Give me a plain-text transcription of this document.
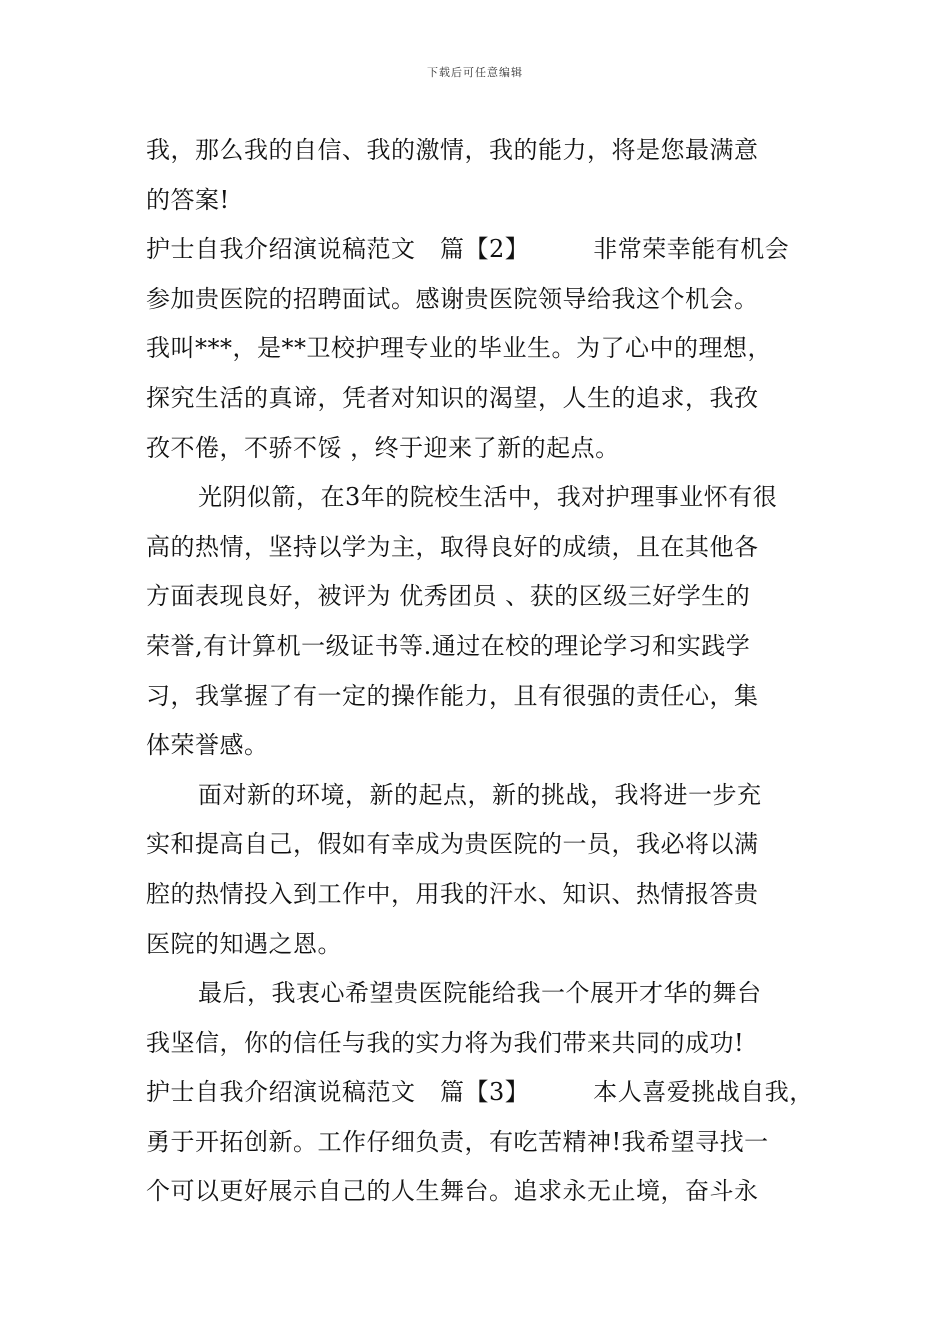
下载后可任意编辑
我，那么我的自信、我的激情，我的能力，将是您最满意
的答案!
护士自我介绍演说稿范文　篇【2】	非常荣幸能有机会
参加贵医院的招聘面试。感谢贵医院领导给我这个机会。
我叫***，是**卫校护理专业的毕业生。为了心中的理想，
探究生活的真谛，凭者对知识的渴望，人生的追求，我孜
孜不倦，不骄不馁 ，终于迎来了新的起点。
光阴似箭，在3年的院校生活中，我对护理事业怀有很
高的热情，坚持以学为主，取得良好的成绩，且在其他各
方面表现良好，被评为 优秀团员 、获的区级三好学生的
荣誉,有计算机一级证书等.通过在校的理论学习和实践学
习，我掌握了有一定的操作能力，且有很强的责任心，集
体荣誉感。
面对新的环境，新的起点，新的挑战，我将进一步充
实和提高自己，假如有幸成为贵医院的一员，我必将以满
腔的热情投入到工作中，用我的汗水、知识、热情报答贵
医院的知遇之恩。
最后，我衷心希望贵医院能给我一个展开才华的舞台
我坚信，你的信任与我的实力将为我们带来共同的成功!
护士自我介绍演说稿范文　篇【3】	本人喜爱挑战自我，
勇于开拓创新。工作仔细负责，有吃苦精神!我希望寻找一
个可以更好展示自己的人生舞台。追求永无止境，奋斗永
